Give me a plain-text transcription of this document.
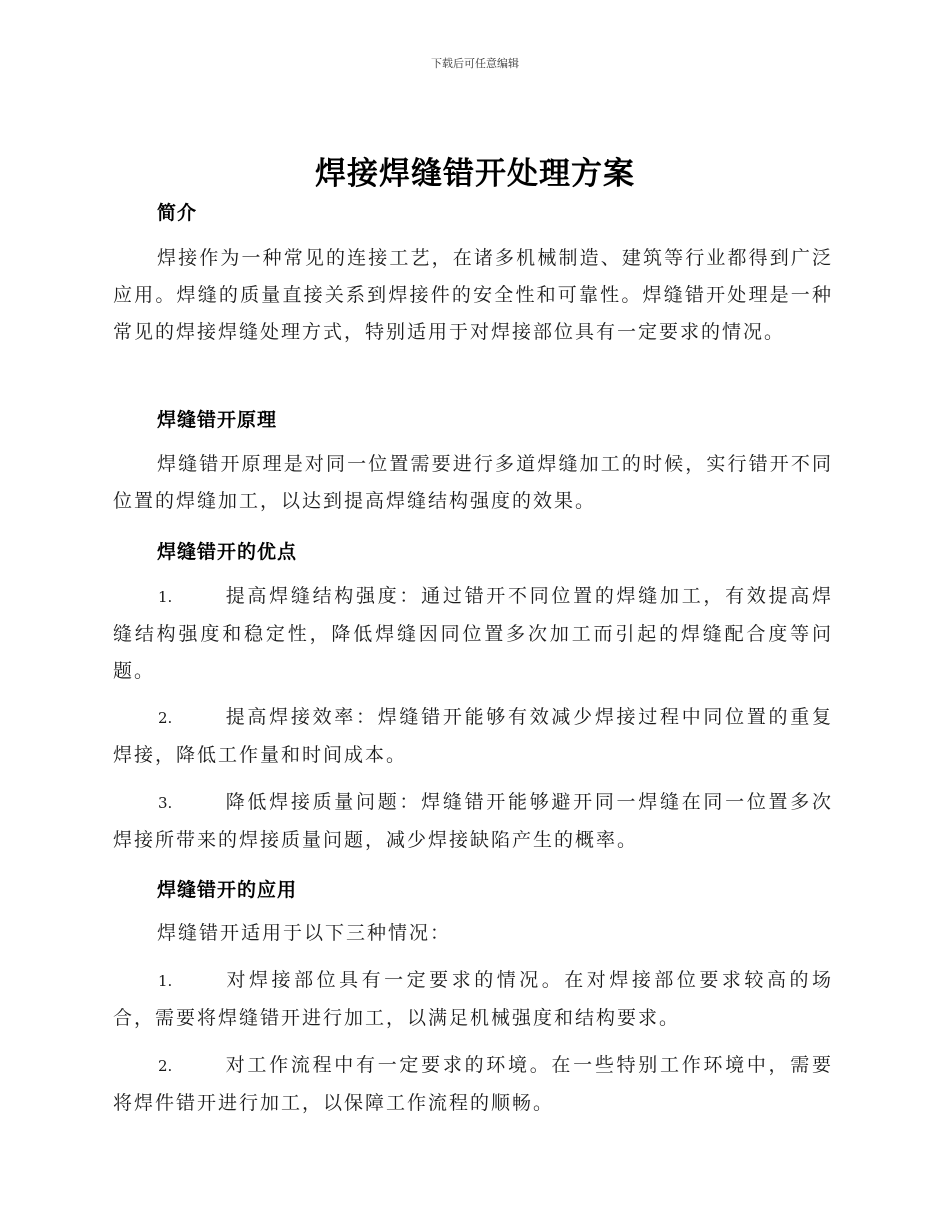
下载后可任意编辑
焊接焊缝错开处理方案
简介

焊接作为一种常见的连接工艺，在诸多机械制造、建筑等行业都得到广泛应用。焊缝的质量直接关系到焊接件的安全性和可靠性。焊缝错开处理是一种常见的焊接焊缝处理方式，特别适用于对焊接部位具有一定要求的情况。

焊缝错开原理

焊缝错开原理是对同一位置需要进行多道焊缝加工的时候，实行错开不同位置的焊缝加工，以达到提高焊缝结构强度的效果。

焊缝错开的优点

1.	提高焊缝结构强度：通过错开不同位置的焊缝加工，有效提高焊缝结构强度和稳定性，降低焊缝因同位置多次加工而引起的焊缝配合度等问题。

2.	提高焊接效率：焊缝错开能够有效减少焊接过程中同位置的重复焊接，降低工作量和时间成本。

3.	降低焊接质量问题：焊缝错开能够避开同一焊缝在同一位置多次焊接所带来的焊接质量问题，减少焊接缺陷产生的概率。

焊缝错开的应用

焊缝错开适用于以下三种情况：

1.	对焊接部位具有一定要求的情况。在对焊接部位要求较高的场合，需要将焊缝错开进行加工，以满足机械强度和结构要求。

2.	对工作流程中有一定要求的环境。在一些特别工作环境中，需要将焊件错开进行加工，以保障工作流程的顺畅。
